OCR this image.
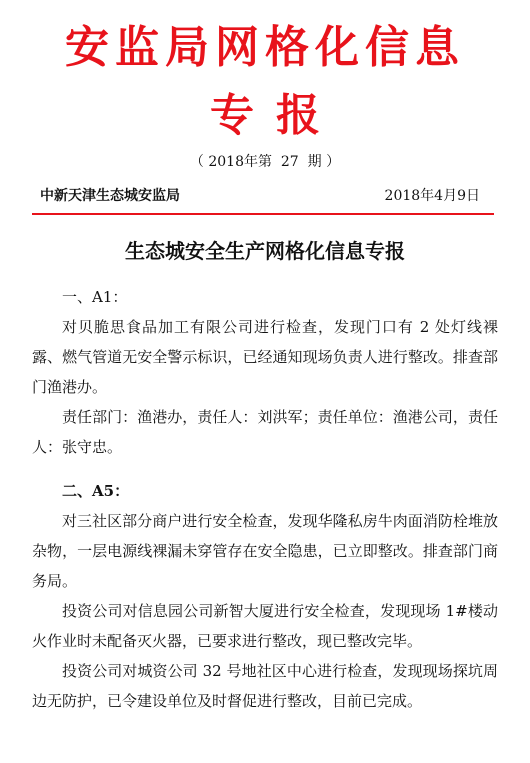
安监局网格化信息
专报
（ 2018年第  27  期 ）
中新天津生态城安监局	2018年4月9日
生态城安全生产网格化信息专报

一、A1：

对贝脆思食品加工有限公司进行检查，发现门口有 2 处灯线裸露、燃气管道无安全警示标识，已经通知现场负责人进行整改。排查部门渔港办。

责任部门：渔港办，责任人：刘洪军；责任单位：渔港公司，责任人：张守忠。

二、A5：

对三社区部分商户进行安全检查，发现华隆私房牛肉面消防栓堆放杂物，一层电源线裸漏未穿管存在安全隐患，已立即整改。排查部门商务局。

投资公司对信息园公司新智大厦进行安全检查，发现现场 1#楼动火作业时未配备灭火器，已要求进行整改，现已整改完毕。

投资公司对城资公司 32 号地社区中心进行检查，发现现场探坑周边无防护，已令建设单位及时督促进行整改，目前已完成。
